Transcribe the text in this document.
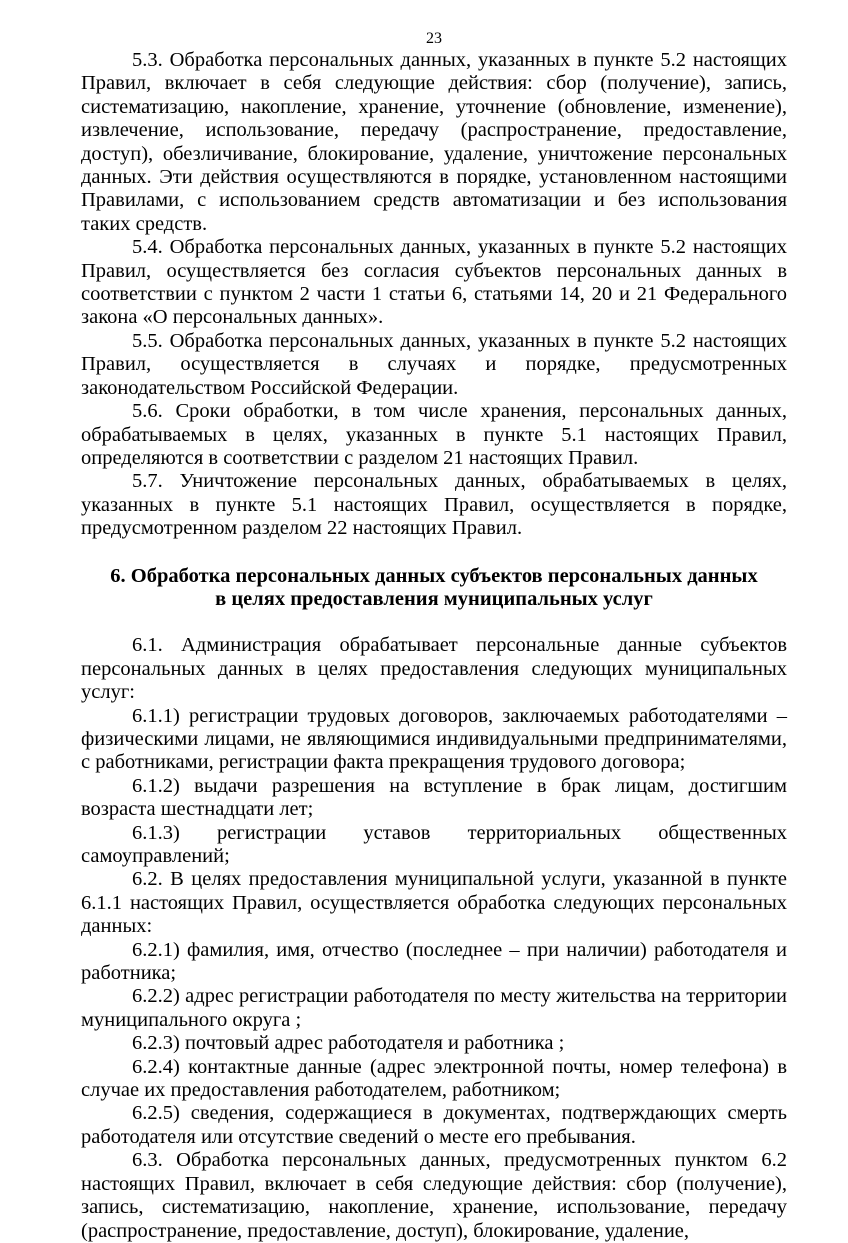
23

5.3. Обработка персональных данных, указанных в пункте 5.2 настоящих Правил, включает в себя следующие действия: сбор (получение), запись, систематизацию, накопление, хранение, уточнение (обновление, изменение), извлечение, использование, передачу (распространение, предоставление, доступ), обезличивание, блокирование, удаление, уничтожение персональных данных. Эти действия осуществляются в порядке, установленном настоящими Правилами, с использованием средств автоматизации и без использования таких средств.

5.4. Обработка персональных данных, указанных в пункте 5.2 настоящих Правил, осуществляется без согласия субъектов персональных данных в соответствии с пунктом 2 части 1 статьи 6, статьями 14, 20 и 21 Федерального закона «О персональных данных».

5.5. Обработка персональных данных, указанных в пункте 5.2 настоящих Правил, осуществляется в случаях и порядке, предусмотренных законодательством Российской Федерации.

5.6. Сроки обработки, в том числе хранения, персональных данных, обрабатываемых в целях, указанных в пункте 5.1 настоящих Правил, определяются в соответствии с разделом 21 настоящих Правил.

5.7. Уничтожение персональных данных, обрабатываемых в целях, указанных в пункте 5.1 настоящих Правил, осуществляется в порядке, предусмотренном разделом 22 настоящих Правил.

6. Обработка персональных данных субъектов персональных данных
в целях предоставления муниципальных услуг

6.1. Администрация обрабатывает персональные данные субъектов персональных данных в целях предоставления следующих муниципальных услуг:

6.1.1) регистрации трудовых договоров, заключаемых работодателями – физическими лицами, не являющимися индивидуальными предпринимателями, с работниками, регистрации факта прекращения трудового договора;

6.1.2) выдачи разрешения на вступление в брак лицам, достигшим возраста шестнадцати лет;

6.1.3) регистрации уставов территориальных общественных самоуправлений;

6.2. В целях предоставления муниципальной услуги, указанной в пункте 6.1.1 настоящих Правил, осуществляется обработка следующих персональных данных:

6.2.1) фамилия, имя, отчество (последнее – при наличии) работодателя и работника;

6.2.2) адрес регистрации работодателя по месту жительства на территории муниципального округа ;

6.2.3) почтовый адрес работодателя и работника ;

6.2.4) контактные данные (адрес электронной почты, номер телефона) в случае их предоставления работодателем, работником;

6.2.5) сведения, содержащиеся в документах, подтверждающих смерть работодателя или отсутствие сведений о месте его пребывания.

6.3. Обработка персональных данных, предусмотренных пунктом 6.2 настоящих Правил, включает в себя следующие действия: сбор (получение), запись, систематизацию, накопление, хранение, использование, передачу (распространение, предоставление, доступ), блокирование, удаление,
